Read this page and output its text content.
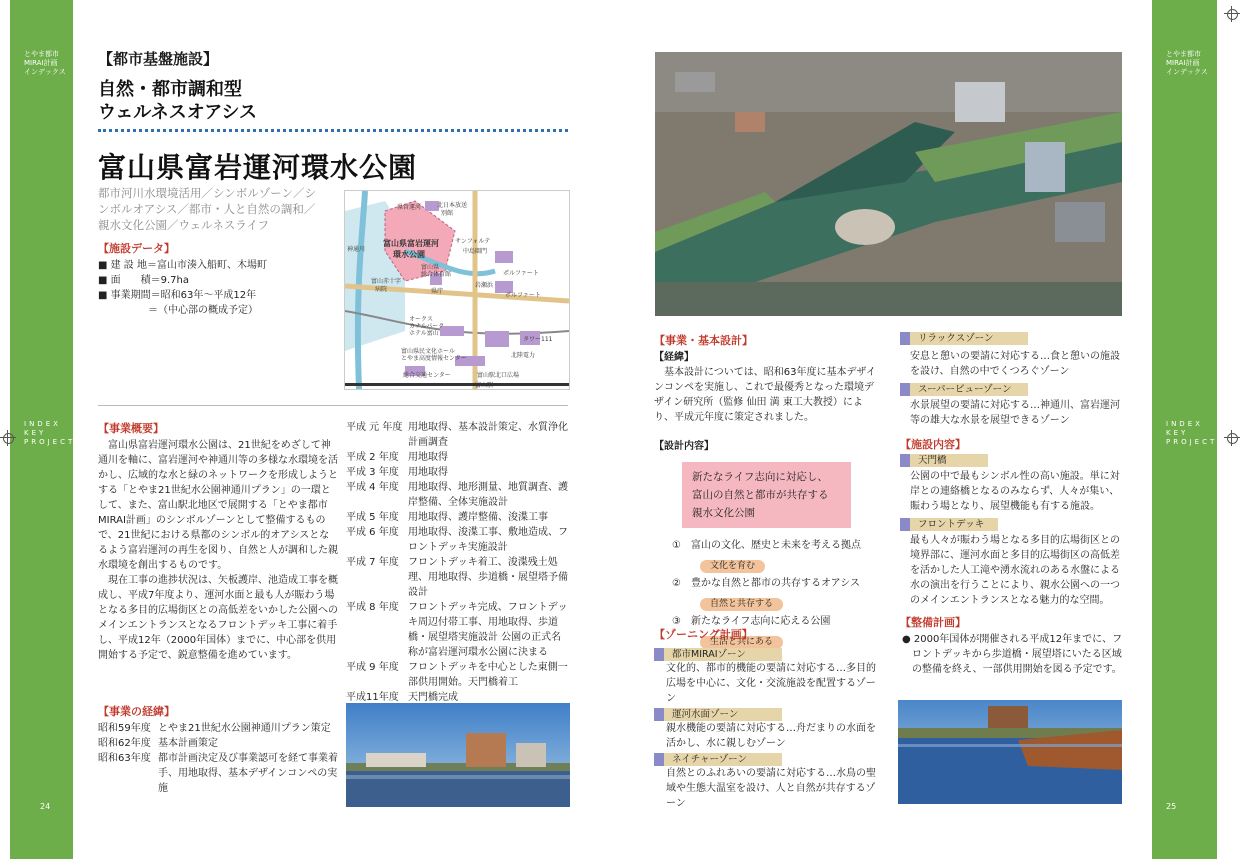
とやま都市
MIRAI計画
インデックス
INDEX
KEY
PROJECT
24
とやま都市
MIRAI計画
インデックス
INDEX
KEY
PROJECT
25
【都市基盤施設】
自然・都市調和型
ウェルネスオアシス
富山県富岩運河環水公園
都市河川水環境活用／シンボルゾーン／シ
ンボルオアシス／都市・人と自然の調和／
親水文化公園／ウェルネスライフ
【施設データ】
■ 建 設 地＝富山市湊入船町、木場町
■ 面　　積＝9.7ha
■ 事業期間＝昭和63年～平成12年
　　　　　＝（中心部の概成予定）
北日本放送
別館
県営運河
富山県富岩運河
環水公園
サンフォルテ
中島閘門
富山県
総合体育館
県庁
神通川
富山赤十字
病院
岩瀬浜
ポルファート
ポルファート
オークス
カナルパーク
ホテル富山
富山県民文化ホール
とやま高度情報センター
タワー111
北陸電力
総合交通センター	富山駅北口広場
富山駅
【事業概要】
富山県富岩運河環水公園は、21世紀をめざして神通川を軸に、富岩運河や神通川等の多様な水環境を活かし、広域的な水と緑のネットワークを形成しようとする「とやま21世紀水公園神通川プラン」の一環として、また、富山駅北地区で展開する「とやま都市MIRAI計画」のシンボルゾーンとして整備するもので、21世紀における県都のシンボル的オアシスとなるよう富岩運河の再生を図り、自然と人が調和した親水環境を創出するものです。
現在工事の進捗状況は、矢板護岸、池造成工事を概成し、平成7年度より、運河水面と最も人が賑わう場となる多目的広場街区との高低差をいかした公園へのメインエントランスとなるフロントデッキ工事に着手し、平成12年（2000年国体）までに、中心部を供用開始する予定で、鋭意整備を進めています。
【事業の経緯】
昭和59年度	とやま21世紀水公園神通川プラン策定
昭和62年度	基本計画策定
昭和63年度	都市計画決定及び事業認可を経て事業着手、用地取得、基本デザインコンペの実施
平成 元 年度	用地取得、基本設計策定、水質浄化計画調査
平成 2 年度	用地取得
平成 3 年度	用地取得
平成 4 年度	用地取得、地形測量、地質調査、護岸整備、全体実施設計
平成 5 年度	用地取得、護岸整備、浚渫工事
平成 6 年度	用地取得、浚渫工事、敷地造成、フロントデッキ実施設計
平成 7 年度	フロントデッキ着工、浚渫残土処理、用地取得、歩道橋・展望塔予備設計
平成 8 年度	フロントデッキ完成、フロントデッキ周辺付帯工事、用地取得、歩道橋・展望塔実施設計 公園の正式名称が富岩運河環水公園に決まる
平成 9 年度	フロントデッキを中心とした東側一部供用開始。天門橋着工
平成11年度	天門橋完成
【事業・基本設計】
【経緯】
基本設計については、昭和63年度に基本デザインコンペを実施し、これで最優秀となった環境デザイン研究所（監修 仙田 満 東工大教授）により、平成元年度に策定されました。
【設計内容】
新たなライフ志向に対応し、
富山の自然と都市が共存する
親水文化公園
①　 富山の文化、歴史と未来を考える拠点
文化を育む
②　 豊かな自然と都市の共存するオアシス
自然と共存する
③　 新たなライフ志向に応える公園
生活と共にある
【ゾーニング計画】
都市MIRAIゾーン
文化的、都市的機能の要請に対応する…多目的広場を中心に、文化・交流施設を配置するゾーン
運河水面ゾーン
親水機能の要請に対応する…舟だまりの水面を活かし、水に親しむゾーン
ネイチャーゾーン
自然とのふれあいの要請に対応する…水鳥の聖域や生態大温室を設け、人と自然が共存するゾーン
リラックスゾーン
安息と憩いの要請に対応する…食と憩いの施設を設け、自然の中でくつろぐゾーン
スーパービューゾーン
水景展望の要請に対応する…神通川、富岩運河等の雄大な水景を展望できるゾーン
【施設内容】
天門橋
公園の中で最もシンボル性の高い施設。単に対岸との連絡橋となるのみならず、人々が集い、賑わう場となり、展望機能も有する施設。
フロントデッキ
最も人々が賑わう場となる多目的広場街区との境界部に、運河水面と多目的広場街区の高低差を活かした人工滝や湧水流れのある水盤による水の演出を行うことにより、親水公園への一つのメインエントランスとなる魅力的な空間。
【整備計画】
● 2000年国体が開催される平成12年までに、フロントデッキから歩道橋・展望塔にいたる区域の整備を終え、一部供用開始を図る予定です。
